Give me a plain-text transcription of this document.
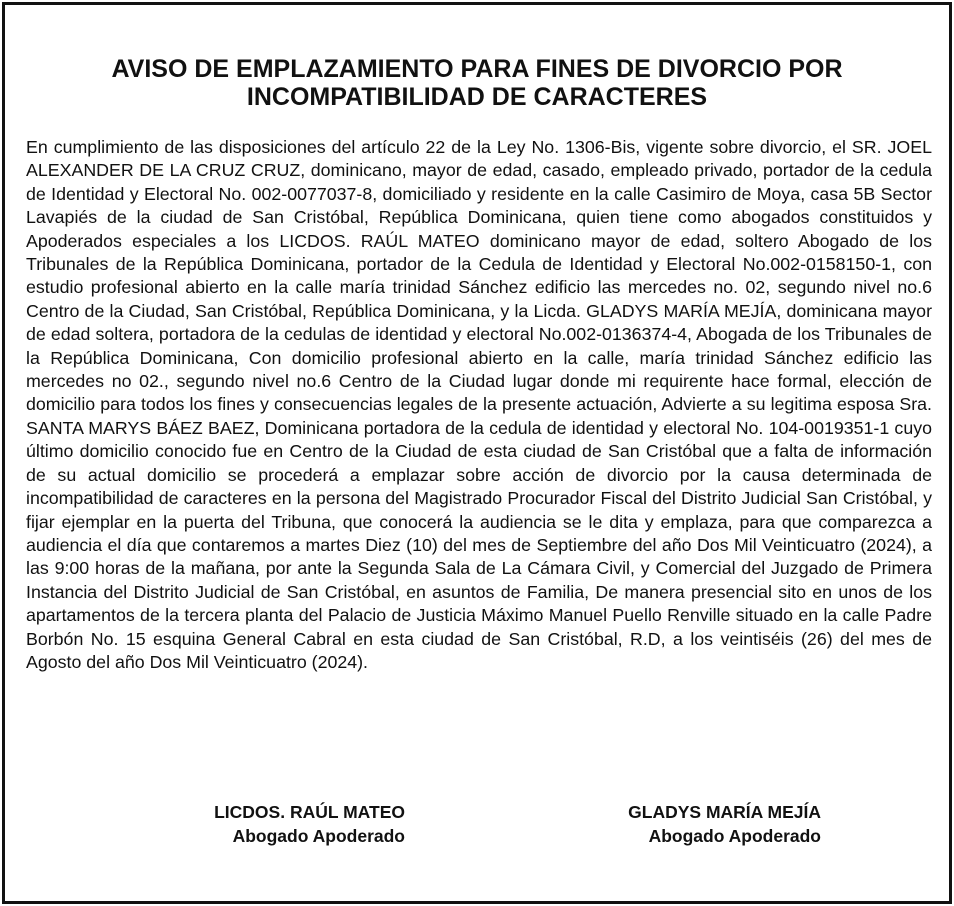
AVISO DE EMPLAZAMIENTO PARA FINES DE DIVORCIO POR
INCOMPATIBILIDAD DE CARACTERES

En cumplimiento de las disposiciones del artículo 22 de la Ley No. 1306-Bis, vigente sobre divorcio, el SR. JOEL ALEXANDER DE LA CRUZ CRUZ, dominicano, mayor de edad, casado, empleado privado, portador de la cedula de Identidad y Electoral No. 002-0077037-8, domiciliado y residente en la calle Casimiro de Moya, casa 5B Sector Lavapiés de la ciudad de San Cristóbal, República Dominicana, quien tiene como abogados constituidos y Apoderados especiales a los LICDOS. RAÚL MATEO dominicano mayor de edad, soltero Abogado de los Tribunales de la República Dominicana, portador de la Cedula de Identidad y Electoral No.002-0158150-1, con estudio profesional abierto en la calle maría trinidad Sánchez edificio las mercedes no. 02, segundo nivel no.6 Centro de la Ciudad, San Cristóbal, República Dominicana, y la Licda. GLADYS MARÍA MEJÍA, dominicana mayor de edad soltera, portadora de la cedulas de identidad y electoral No.002-0136374-4, Abogada de los Tribunales de la República Dominicana, Con domicilio profesional abierto en la calle, maría trinidad Sánchez edificio las mercedes no 02., segundo nivel no.6 Centro de la Ciudad lugar donde mi requirente hace formal, elección de domicilio para todos los fines y consecuencias legales de la presente actuación, Advierte a su legitima esposa Sra. SANTA MARYS BÁEZ BAEZ, Dominicana portadora de la cedula de identidad y electoral No. 104-0019351-1 cuyo último domicilio conocido fue en Centro de la Ciudad de esta ciudad de San Cristóbal que a falta de información de su actual domicilio se procederá a emplazar sobre acción de divorcio por la causa determinada de incompatibilidad de caracteres en la persona del Magistrado Procurador Fiscal del Distrito Judicial San Cristóbal, y fijar ejemplar en la puerta del Tribuna, que conocerá la audiencia se le dita y emplaza, para que comparezca a audiencia el día que contaremos a martes Diez (10) del mes de Septiembre del año Dos Mil Veinticuatro (2024), a las 9:00 horas de la mañana, por ante la Segunda Sala de La Cámara Civil, y Comercial del Juzgado de Primera Instancia del Distrito Judicial de San Cristóbal, en asuntos de Familia, De manera presencial sito en unos de los apartamentos de la tercera planta del Palacio de Justicia Máximo Manuel Puello Renville situado en la calle Padre Borbón No. 15 esquina General Cabral en esta ciudad de San Cristóbal, R.D, a los veintiséis (26) del mes de Agosto del año Dos Mil Veinticuatro (2024).

LICDOS. RAÚL MATEO
Abogado Apoderado
GLADYS MARÍA MEJÍA
Abogado Apoderado
